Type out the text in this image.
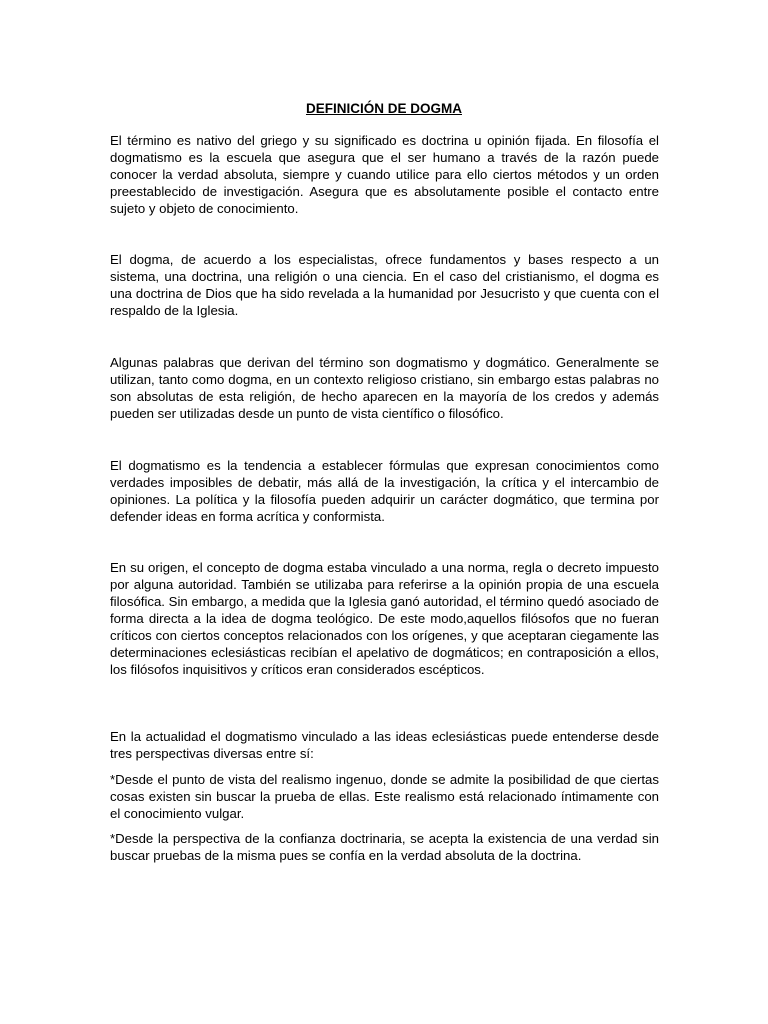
DEFINICIÓN DE DOGMA

El término es nativo del griego y su significado es doctrina u opinión fijada. En filosofía el dogmatismo es la escuela que asegura que el ser humano a través de la razón puede conocer la verdad absoluta, siempre y cuando utilice para ello ciertos métodos y un orden preestablecido de investigación. Asegura que es absolutamente posible el contacto entre sujeto y objeto de conocimiento.

El dogma, de acuerdo a los especialistas, ofrece fundamentos y bases respecto a un sistema, una doctrina, una religión o una ciencia. En el caso del cristianismo, el dogma es una doctrina de Dios que ha sido revelada a la humanidad por Jesucristo y que cuenta con el respaldo de la Iglesia.

Algunas palabras que derivan del término son dogmatismo y dogmático. Generalmente se utilizan, tanto como dogma, en un contexto religioso cristiano, sin embargo estas palabras no son absolutas de esta religión, de hecho aparecen en la mayoría de los credos y además pueden ser utilizadas desde un punto de vista científico o filosófico.

El dogmatismo es la tendencia a establecer fórmulas que expresan conocimientos como verdades imposibles de debatir, más allá de la investigación, la crítica y el intercambio de opiniones. La política y la filosofía pueden adquirir un carácter dogmático, que termina por defender ideas en forma acrítica y conformista.

En su origen, el concepto de dogma estaba vinculado a una norma, regla o decreto impuesto por alguna autoridad. También se utilizaba para referirse a la opinión propia de una escuela filosófica. Sin embargo, a medida que la Iglesia ganó autoridad, el término quedó asociado de forma directa a la idea de dogma teológico. De este modo,aquellos filósofos que no fueran críticos con ciertos conceptos relacionados con los orígenes, y que aceptaran ciegamente las determinaciones eclesiásticas recibían el apelativo de dogmáticos; en contraposición a ellos, los filósofos inquisitivos y críticos eran considerados escépticos.

En la actualidad el dogmatismo vinculado a las ideas eclesiásticas puede entenderse desde tres perspectivas diversas entre sí:

*Desde el punto de vista del realismo ingenuo, donde se admite la posibilidad de que ciertas cosas existen sin buscar la prueba de ellas. Este realismo está relacionado íntimamente con el conocimiento vulgar.

*Desde la perspectiva de la confianza doctrinaria, se acepta la existencia de una verdad sin buscar pruebas de la misma pues se confía en la verdad absoluta de la doctrina.
